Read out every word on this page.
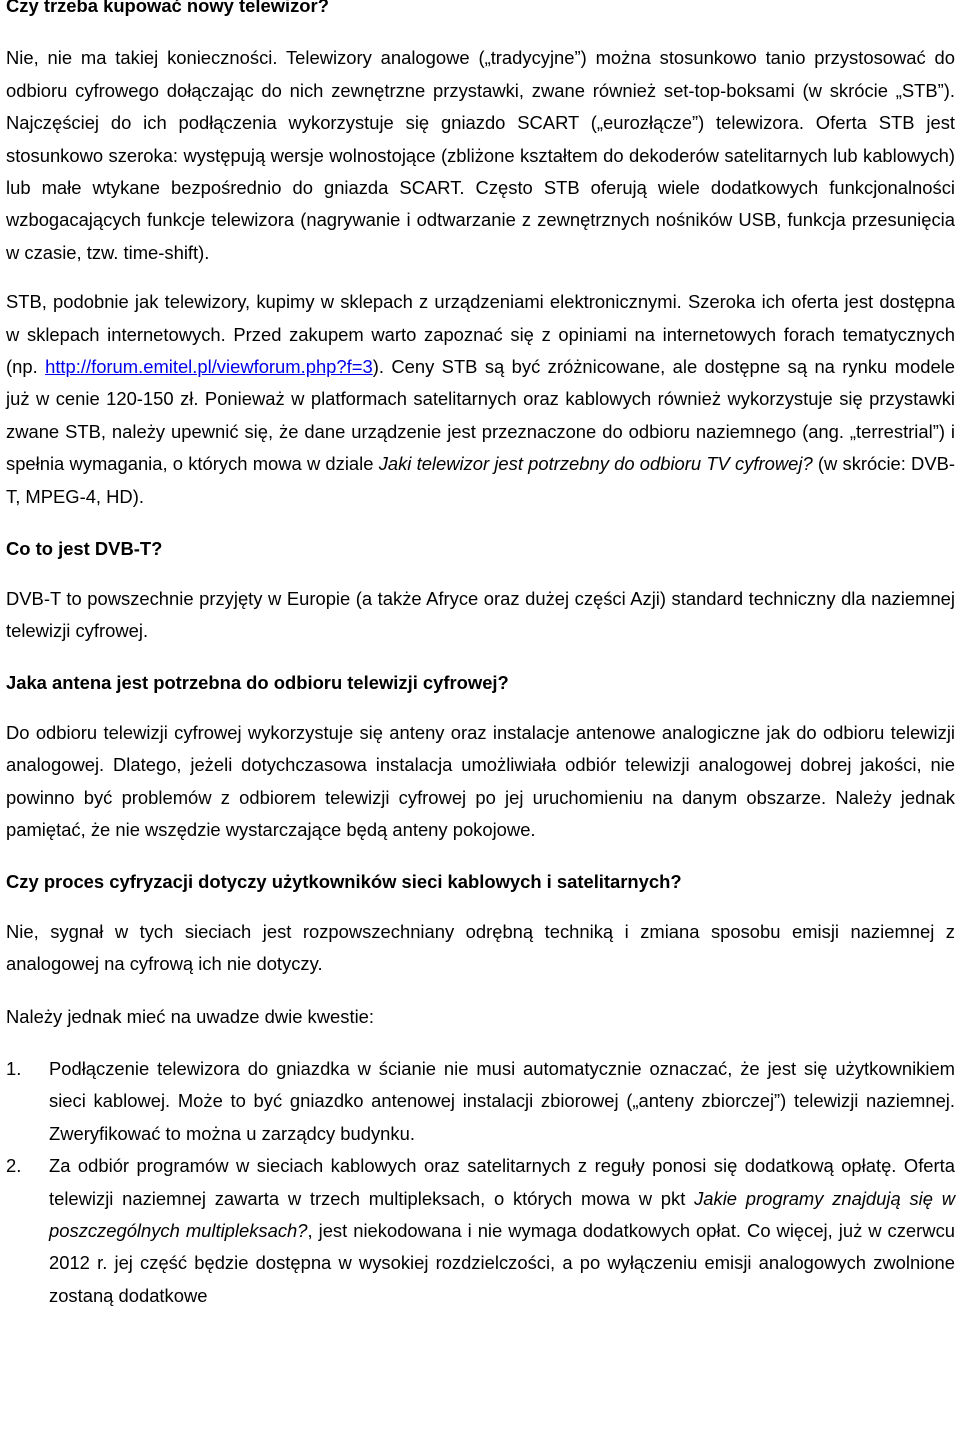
Czy trzeba kupować nowy telewizor?

Nie, nie ma takiej konieczności. Telewizory analogowe („tradycyjne”) można stosunkowo tanio przystosować do odbioru cyfrowego dołączając do nich zewnętrzne przystawki, zwane również set-top-boksami (w skrócie „STB”). Najczęściej do ich podłączenia wykorzystuje się gniazdo SCART („eurozłącze”) telewizora. Oferta STB jest stosunkowo szeroka: występują wersje wolnostojące (zbliżone kształtem do dekoderów satelitarnych lub kablowych) lub małe wtykane bezpośrednio do gniazda SCART. Często STB oferują wiele dodatkowych funkcjonalności wzbogacających funkcje telewizora (nagrywanie i odtwarzanie z zewnętrznych nośników USB, funkcja przesunięcia w czasie, tzw. time-shift).

STB, podobnie jak telewizory, kupimy w sklepach z urządzeniami elektronicznymi. Szeroka ich oferta jest dostępna w sklepach internetowych. Przed zakupem warto zapoznać się z opiniami na internetowych forach tematycznych (np. http://forum.emitel.pl/viewforum.php?f=3). Ceny STB są być zróżnicowane, ale dostępne są na rynku modele już w cenie 120-150 zł. Ponieważ w platformach satelitarnych oraz kablowych również wykorzystuje się przystawki zwane STB, należy upewnić się, że dane urządzenie jest przeznaczone do odbioru naziemnego (ang. „terrestrial”) i spełnia wymagania, o których mowa w dziale Jaki telewizor jest potrzebny do odbioru TV cyfrowej? (w skrócie: DVB-T, MPEG-4, HD).

Co to jest DVB-T?

DVB-T to powszechnie przyjęty w Europie (a także Afryce oraz dużej części Azji) standard techniczny dla naziemnej telewizji cyfrowej.

Jaka antena jest potrzebna do odbioru telewizji cyfrowej?

Do odbioru telewizji cyfrowej wykorzystuje się anteny oraz instalacje antenowe analogiczne jak do odbioru telewizji analogowej. Dlatego, jeżeli dotychczasowa instalacja umożliwiała odbiór telewizji analogowej dobrej jakości, nie powinno być problemów z odbiorem telewizji cyfrowej po jej uruchomieniu na danym obszarze. Należy jednak pamiętać, że nie wszędzie wystarczające będą anteny pokojowe.

Czy proces cyfryzacji dotyczy użytkowników sieci kablowych i satelitarnych?

Nie, sygnał w tych sieciach jest rozpowszechniany odrębną techniką i zmiana sposobu emisji naziemnej z analogowej na cyfrową ich nie dotyczy.

Należy jednak mieć na uwadze dwie kwestie:

1. Podłączenie telewizora do gniazdka w ścianie nie musi automatycznie oznaczać, że jest się użytkownikiem sieci kablowej. Może to być gniazdko antenowej instalacji zbiorowej („anteny zbiorczej”) telewizji naziemnej. Zweryfikować to można u zarządcy budynku.
2. Za odbiór programów w sieciach kablowych oraz satelitarnych z reguły ponosi się dodatkową opłatę. Oferta telewizji naziemnej zawarta w trzech multipleksach, o których mowa w pkt Jakie programy znajdują się w poszczególnych multipleksach?, jest niekodowana i nie wymaga dodatkowych opłat. Co więcej, już w czerwcu 2012 r. jej część będzie dostępna w wysokiej rozdzielczości, a po wyłączeniu emisji analogowych zwolnione zostaną dodatkowe
